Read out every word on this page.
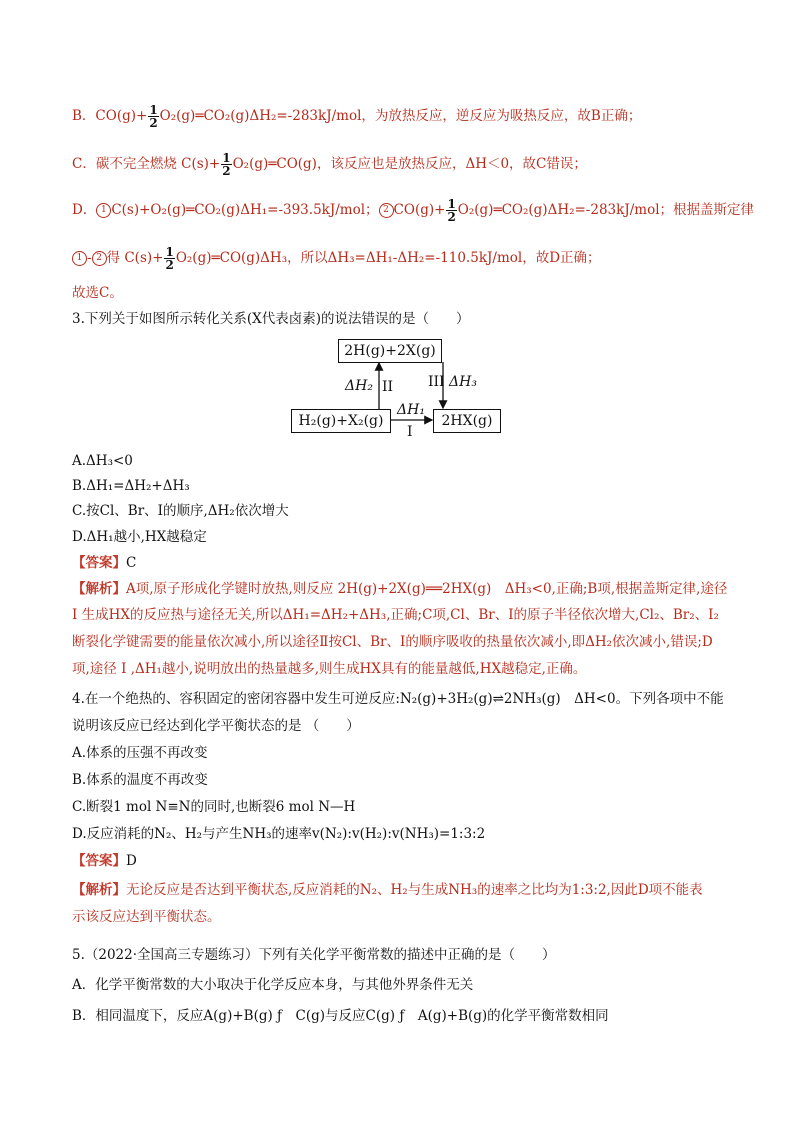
B．$CO(g)+ \frac{1}{2}$ O₂(g)═CO₂(g)ΔH₂=-283kJ/mol，为放热反应，逆反应为吸热反应，故B正确；
C．碳不完全燃烧 $C(s)+ \frac{1}{2}$ O₂(g)═CO(g)，该反应也是放热反应，ΔH＜0，故C错误；
D． 1 C(s)+O₂(g)═CO₂(g)ΔH₁=-393.5kJ/mol； 2 $CO(g)+ \frac{1}{2}$ O₂(g)═CO₂(g)ΔH₂=-283kJ/mol；根据盖斯定律
1 - 2 得 $C(s)+ \frac{1}{2}$ O₂(g)═CO(g)ΔH₃，所以ΔH₃=ΔH₁-ΔH₂=-110.5kJ/mol，故D正确；
故选C。
3.下列关于如图所示转化关系(X代表卤素)的说法错误的是（　　）
2H(g)+2X(g)
H₂(g)+X₂(g)	2HX(g)
ΔH₂ II III ΔH₃
ΔH₁
I
A.ΔH₃<0
B.ΔH₁=ΔH₂+ΔH₃
C.按Cl、Br、I的顺序,ΔH₂依次增大
D.ΔH₁越小,HX越稳定
【答案】C
【解析】A项,原子形成化学键时放热,则反应 2H(g)+2X(g)══2HX(g)　ΔH₃<0,正确;B项,根据盖斯定律,途径
Ⅰ 生成HX的反应热与途径无关,所以ΔH₁=ΔH₂+ΔH₃,正确;C项,Cl、Br、I的原子半径依次增大,Cl₂、Br₂、I₂
断裂化学键需要的能量依次减小,所以途径Ⅱ按Cl、Br、I的顺序吸收的热量依次减小,即ΔH₂依次减小,错误;D
项,途径 Ⅰ ,ΔH₁越小,说明放出的热量越多,则生成HX具有的能量越低,HX越稳定,正确。
4.在一个绝热的、容积固定的密闭容器中发生可逆反应:N₂(g)+3H₂(g)⇌2NH₃(g)　ΔH<0。下列各项中不能
说明该反应已经达到化学平衡状态的是 （　　）
A.体系的压强不再改变
B.体系的温度不再改变
C.断裂1 mol N≡N的同时,也断裂6 mol N—H
D.反应消耗的N₂、H₂与产生NH₃的速率v(N₂):v(H₂):v(NH₃)=1:3:2
【答案】D
【解析】无论反应是否达到平衡状态,反应消耗的N₂、H₂与生成NH₃的速率之比均为1:3:2,因此D项不能表
示该反应达到平衡状态。
5.（2022·全国高三专题练习）下列有关化学平衡常数的描述中正确的是（　　）
A．化学平衡常数的大小取决于化学反应本身，与其他外界条件无关
B．相同温度下，反应A(g)+B(g) ƒ　C(g)与反应C(g) ƒ　A(g)+B(g)的化学平衡常数相同
